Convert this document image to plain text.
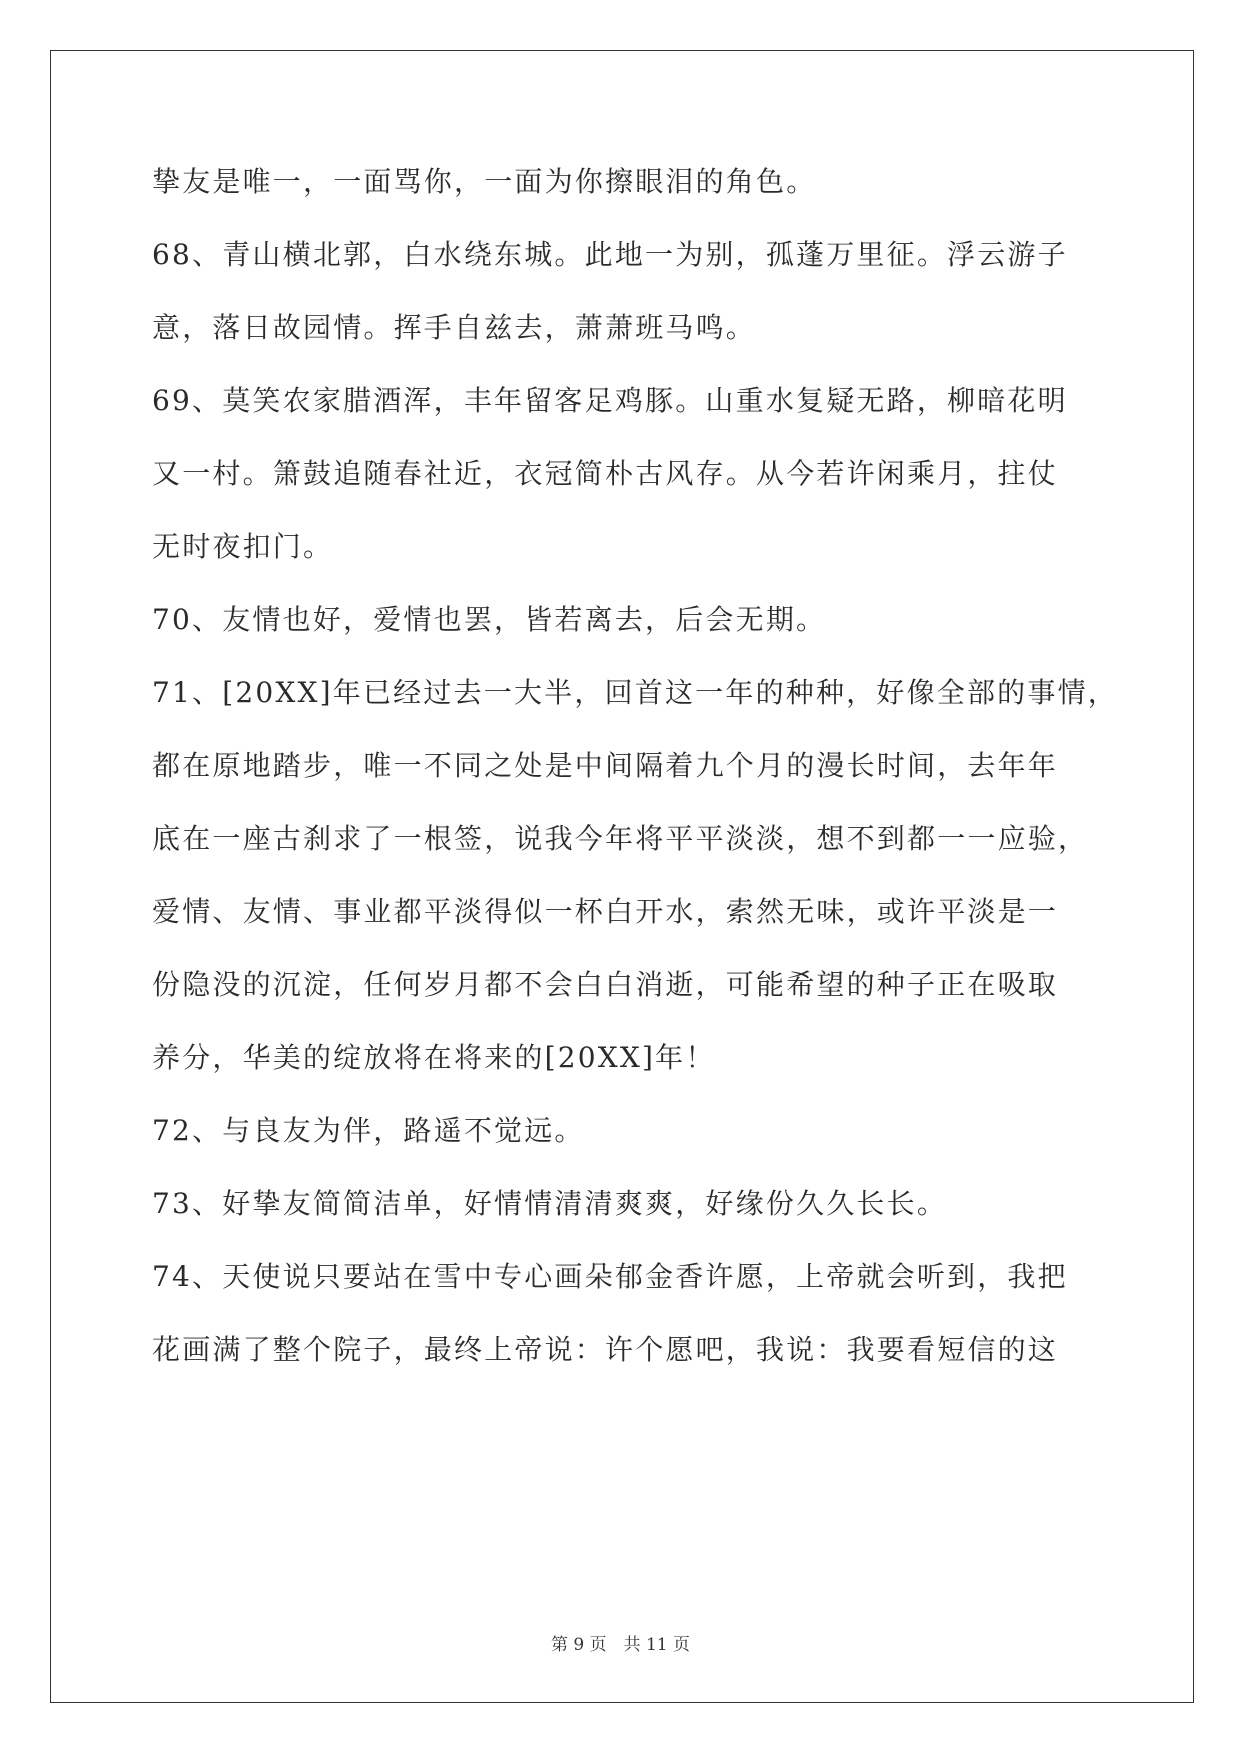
挚友是唯一，一面骂你，一面为你擦眼泪的角色。
68、青山横北郭，白水绕东城。此地一为别，孤蓬万里征。浮云游子
意，落日故园情。挥手自兹去，萧萧班马鸣。
69、莫笑农家腊酒浑，丰年留客足鸡豚。山重水复疑无路，柳暗花明
又一村。箫鼓追随春社近，衣冠简朴古风存。从今若许闲乘月，拄仗
无时夜扣门。
70、友情也好，爱情也罢，皆若离去，后会无期。
71、[20XX]年已经过去一大半，回首这一年的种种，好像全部的事情，
都在原地踏步，唯一不同之处是中间隔着九个月的漫长时间，去年年
底在一座古刹求了一根签，说我今年将平平淡淡，想不到都一一应验，
爱情、友情、事业都平淡得似一杯白开水，索然无味，或许平淡是一
份隐没的沉淀，任何岁月都不会白白消逝，可能希望的种子正在吸取
养分，华美的绽放将在将来的[20XX]年！
72、与良友为伴，路遥不觉远。
73、好挚友简简洁单，好情情清清爽爽，好缘份久久长长。
74、天使说只要站在雪中专心画朵郁金香许愿，上帝就会听到，我把
花画满了整个院子，最终上帝说：许个愿吧，我说：我要看短信的这
第 9 页　共 11 页
